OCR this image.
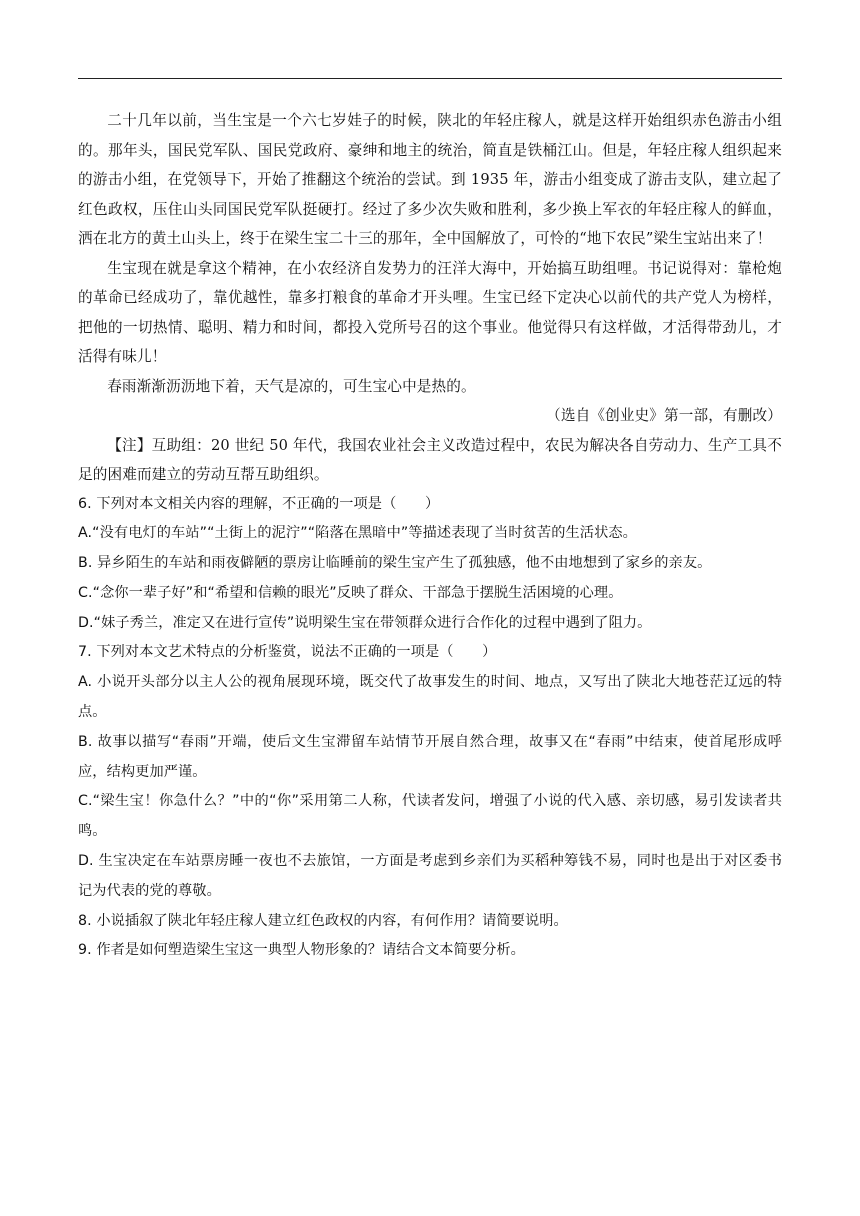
二十几年以前，当生宝是一个六七岁娃子的时候，陕北的年轻庄稼人，就是这样开始组织赤色游击小组的。那年头，国民党军队、国民党政府、豪绅和地主的统治，简直是铁桶江山。但是，年轻庄稼人组织起来的游击小组，在党领导下，开始了推翻这个统治的尝试。到 1935 年，游击小组变成了游击支队，建立起了红色政权，压住山头同国民党军队挺硬打。经过了多少次失败和胜利，多少换上军衣的年轻庄稼人的鲜血，洒在北方的黄土山头上，终于在梁生宝二十三的那年，全中国解放了，可怜的“地下农民”梁生宝站出来了！

生宝现在就是拿这个精神，在小农经济自发势力的汪洋大海中，开始搞互助组哩。书记说得对：靠枪炮的革命已经成功了，靠优越性，靠多打粮食的革命才开头哩。生宝已经下定决心以前代的共产党人为榜样，把他的一切热情、聪明、精力和时间，都投入党所号召的这个事业。他觉得只有这样做，才活得带劲儿，才活得有味儿！

春雨渐渐沥沥地下着，天气是凉的，可生宝心中是热的。

（选自《创业史》第一部，有删改）

【注】互助组：20 世纪 50 年代，我国农业社会主义改造过程中，农民为解决各自劳动力、生产工具不足的困难而建立的劳动互帮互助组织。

6. 下列对本文相关内容的理解，不正确的一项是（　　）

A.“没有电灯的车站”“土街上的泥泞”“陷落在黑暗中”等描述表现了当时贫苦的生活状态。

B. 异乡陌生的车站和雨夜僻陋的票房让临睡前的梁生宝产生了孤独感，他不由地想到了家乡的亲友。

C.“念你一辈子好”和“希望和信赖的眼光”反映了群众、干部急于摆脱生活困境的心理。

D.“妹子秀兰，准定又在进行宣传”说明梁生宝在带领群众进行合作化的过程中遇到了阻力。

7. 下列对本文艺术特点的分析鉴赏，说法不正确的一项是（　　）

A. 小说开头部分以主人公的视角展现环境，既交代了故事发生的时间、地点，又写出了陕北大地苍茫辽远的特点。

B. 故事以描写“春雨”开端，使后文生宝滞留车站情节开展自然合理，故事又在“春雨”中结束，使首尾形成呼应，结构更加严谨。

C.“梁生宝！你急什么？”中的“你”采用第二人称，代读者发问，增强了小说的代入感、亲切感，易引发读者共鸣。

D. 生宝决定在车站票房睡一夜也不去旅馆，一方面是考虑到乡亲们为买稻种筹钱不易，同时也是出于对区委书记为代表的党的尊敬。

8. 小说插叙了陕北年轻庄稼人建立红色政权的内容，有何作用？请简要说明。

9. 作者是如何塑造梁生宝这一典型人物形象的？请结合文本简要分析。
